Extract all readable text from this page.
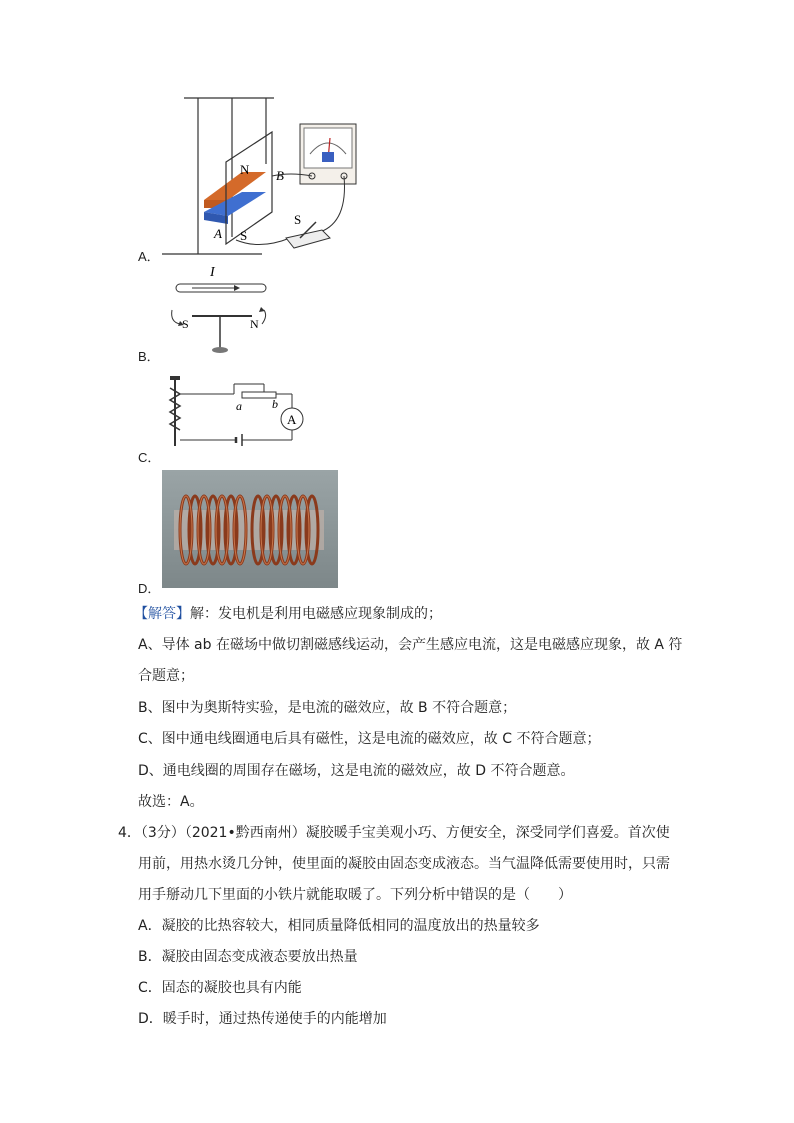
N
S
A
B
S
A．
I
S	N
B．
a	b
A
C．
D．
【解答】解：发电机是利用电磁感应现象制成的；
A、导体 ab 在磁场中做切割磁感线运动，会产生感应电流，这是电磁感应现象，故 A 符
合题意；
B、图中为奥斯特实验，是电流的磁效应，故 B 不符合题意；
C、图中通电线圈通电后具有磁性，这是电流的磁效应，故 C 不符合题意；
D、通电线圈的周围存在磁场，这是电流的磁效应，故 D 不符合题意。
故选：A。
4．（3分）（2021•黔西南州）凝胶暖手宝美观小巧、方便安全，深受同学们喜爱。首次使
用前，用热水烫几分钟，使里面的凝胶由固态变成液态。当气温降低需要使用时，只需
用手掰动几下里面的小铁片就能取暖了。下列分析中错误的是（　　）
A．凝胶的比热容较大，相同质量降低相同的温度放出的热量较多
B．凝胶由固态变成液态要放出热量
C．固态的凝胶也具有内能
D．暖手时，通过热传递使手的内能增加
